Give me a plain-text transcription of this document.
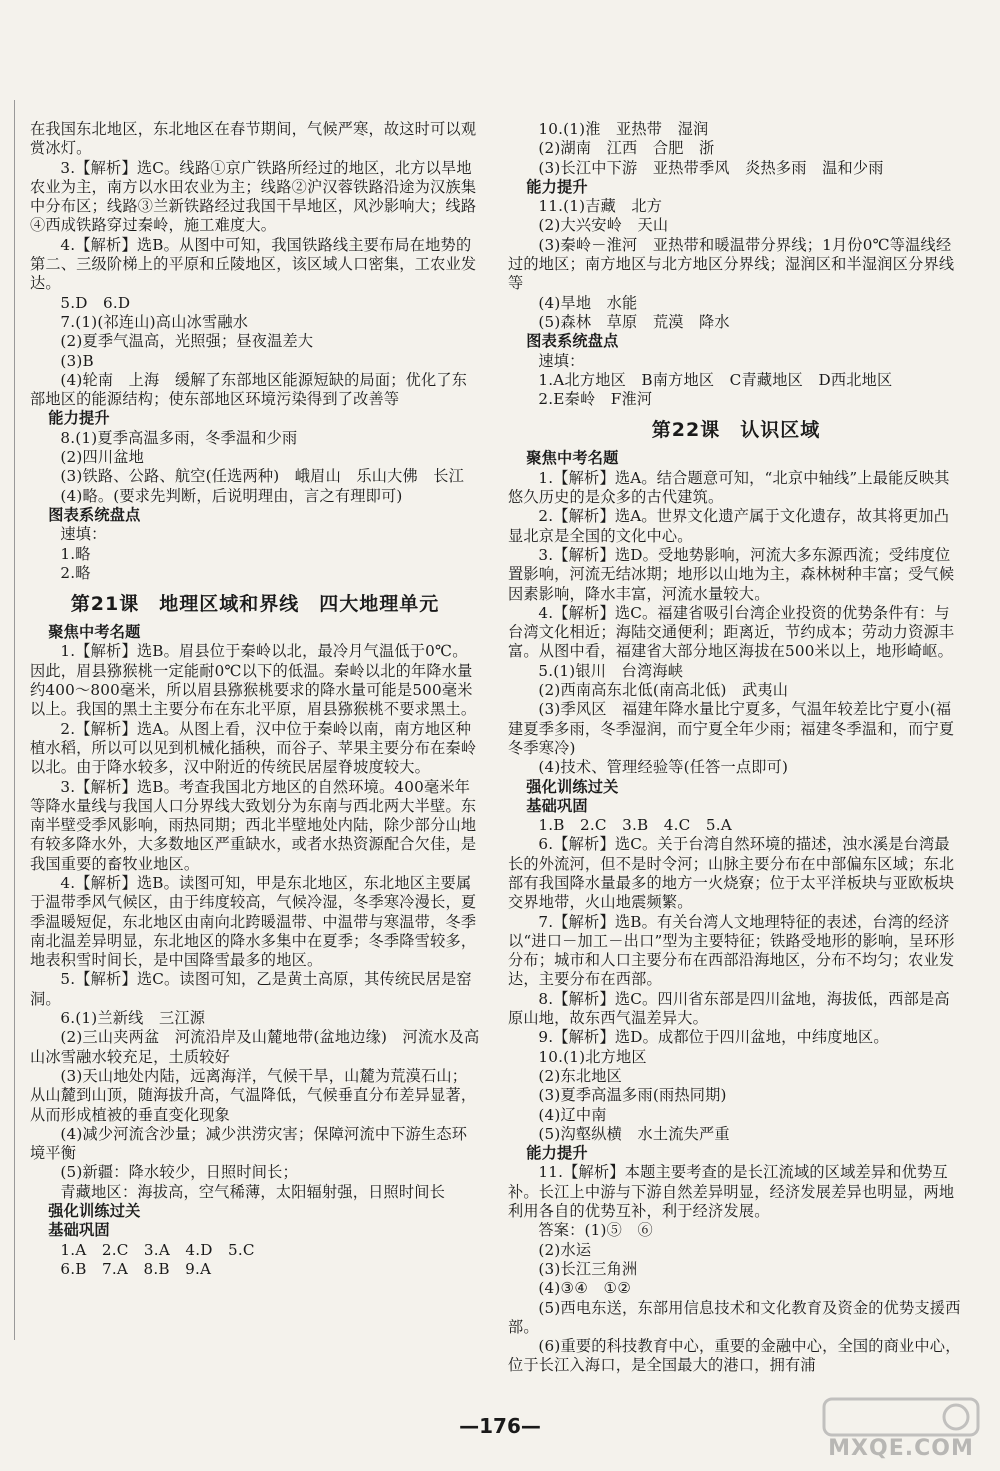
在我国东北地区，东北地区在春节期间，气候严寒，故这时可以观赏冰灯。

3.【解析】选C。线路①京广铁路所经过的地区，北方以旱地农业为主，南方以水田农业为主；线路②沪汉蓉铁路沿途为汉族集中分布区；线路③兰新铁路经过我国干旱地区，风沙影响大；线路④西成铁路穿过秦岭，施工难度大。

4.【解析】选B。从图中可知，我国铁路线主要布局在地势的第二、三级阶梯上的平原和丘陵地区，该区域人口密集，工农业发达。

5.D　6.D

7.(1)(祁连山)高山冰雪融水

(2)夏季气温高，光照强；昼夜温差大

(3)B

(4)轮南　上海　缓解了东部地区能源短缺的局面；优化了东部地区的能源结构；使东部地区环境污染得到了改善等

能力提升

8.(1)夏季高温多雨，冬季温和少雨

(2)四川盆地

(3)铁路、公路、航空(任选两种)　峨眉山　乐山大佛　长江

(4)略。(要求先判断，后说明理由，言之有理即可)

图表系统盘点

速填：

1.略

2.略

第21课　地理区域和界线　四大地理单元

聚焦中考名题

1.【解析】选B。眉县位于秦岭以北，最冷月气温低于0℃。因此，眉县猕猴桃一定能耐0℃以下的低温。秦岭以北的年降水量约400～800毫米，所以眉县猕猴桃要求的降水量可能是500毫米以上。我国的黑土主要分布在东北平原，眉县猕猴桃不要求黑土。

2.【解析】选A。从图上看，汉中位于秦岭以南，南方地区种植水稻，所以可以见到机械化插秧，而谷子、苹果主要分布在秦岭以北。由于降水较多，汉中附近的传统民居屋脊坡度较大。

3.【解析】选B。考查我国北方地区的自然环境。400毫米年等降水量线与我国人口分界线大致划分为东南与西北两大半壁。东南半壁受季风影响，雨热同期；西北半壁地处内陆，除少部分山地有较多降水外，大多数地区严重缺水，或者水热资源配合欠佳，是我国重要的畜牧业地区。

4.【解析】选B。读图可知，甲是东北地区，东北地区主要属于温带季风气候区，由于纬度较高，气候冷湿，冬季寒冷漫长，夏季温暖短促，东北地区由南向北跨暖温带、中温带与寒温带，冬季南北温差异明显，东北地区的降水多集中在夏季；冬季降雪较多，地表积雪时间长，是中国降雪最多的地区。

5.【解析】选C。读图可知，乙是黄土高原，其传统民居是窑洞。

6.(1)兰新线　三江源

(2)三山夹两盆　河流沿岸及山麓地带(盆地边缘)　河流水及高山冰雪融水较充足，土质较好

(3)天山地处内陆，远离海洋，气候干旱，山麓为荒漠石山；从山麓到山顶，随海拔升高，气温降低，气候垂直分布差异显著，从而形成植被的垂直变化现象

(4)减少河流含沙量；减少洪涝灾害；保障河流中下游生态环境平衡

(5)新疆：降水较少，日照时间长；

青藏地区：海拔高，空气稀薄，太阳辐射强，日照时间长

强化训练过关

基础巩固

1.A　2.C　3.A　4.D　5.C

6.B　7.A　8.B　9.A

10.(1)淮　亚热带　湿润

(2)湖南　江西　合肥　浙

(3)长江中下游　亚热带季风　炎热多雨　温和少雨

能力提升

11.(1)吉藏　北方

(2)大兴安岭　天山

(3)秦岭－淮河　亚热带和暖温带分界线；1月份0℃等温线经过的地区；南方地区与北方地区分界线；湿润区和半湿润区分界线等

(4)旱地　水能

(5)森林　草原　荒漠　降水

图表系统盘点

速填：

1.A北方地区　B南方地区　C青藏地区　D西北地区

2.E秦岭　F淮河

第22课　认识区域

聚焦中考名题

1.【解析】选A。结合题意可知，“北京中轴线”上最能反映其悠久历史的是众多的古代建筑。

2.【解析】选A。世界文化遗产属于文化遗存，故其将更加凸显北京是全国的文化中心。

3.【解析】选D。受地势影响，河流大多东源西流；受纬度位置影响，河流无结冰期；地形以山地为主，森林树种丰富；受气候因素影响，降水丰富，河流水量较大。

4.【解析】选C。福建省吸引台湾企业投资的优势条件有：与台湾文化相近；海陆交通便利；距离近，节约成本；劳动力资源丰富。从图中看，福建省大部分地区海拔在500米以上，地形崎岖。

5.(1)银川　台湾海峡

(2)西南高东北低(南高北低)　武夷山

(3)季风区　福建年降水量比宁夏多，气温年较差比宁夏小(福建夏季多雨，冬季湿润，而宁夏全年少雨；福建冬季温和，而宁夏冬季寒冷)

(4)技术、管理经验等(任答一点即可)

强化训练过关

基础巩固

1.B　2.C　3.B　4.C　5.A

6.【解析】选C。关于台湾自然环境的描述，浊水溪是台湾最长的外流河，但不是时令河；山脉主要分布在中部偏东区域；东北部有我国降水量最多的地方一火烧寮；位于太平洋板块与亚欧板块交界地带，火山地震频繁。

7.【解析】选B。有关台湾人文地理特征的表述，台湾的经济以“进口－加工－出口”型为主要特征；铁路受地形的影响，呈环形分布；城市和人口主要分布在西部沿海地区，分布不均匀；农业发达，主要分布在西部。

8.【解析】选C。四川省东部是四川盆地，海拔低，西部是高原山地，故东西气温差异大。

9.【解析】选D。成都位于四川盆地，中纬度地区。

10.(1)北方地区

(2)东北地区

(3)夏季高温多雨(雨热同期)

(4)辽中南

(5)沟壑纵横　水土流失严重

能力提升

11.【解析】本题主要考查的是长江流域的区域差异和优势互补。长江上中游与下游自然差异明显，经济发展差异也明显，两地利用各自的优势互补，利于经济发展。

答案：(1)⑤　⑥

(2)水运

(3)长江三角洲

(4)③④　①②

(5)西电东送，东部用信息技术和文化教育及资金的优势支援西部。

(6)重要的科技教育中心，重要的金融中心，全国的商业中心，位于长江入海口，是全国最大的港口，拥有浦

—176—
MXQE.COM
